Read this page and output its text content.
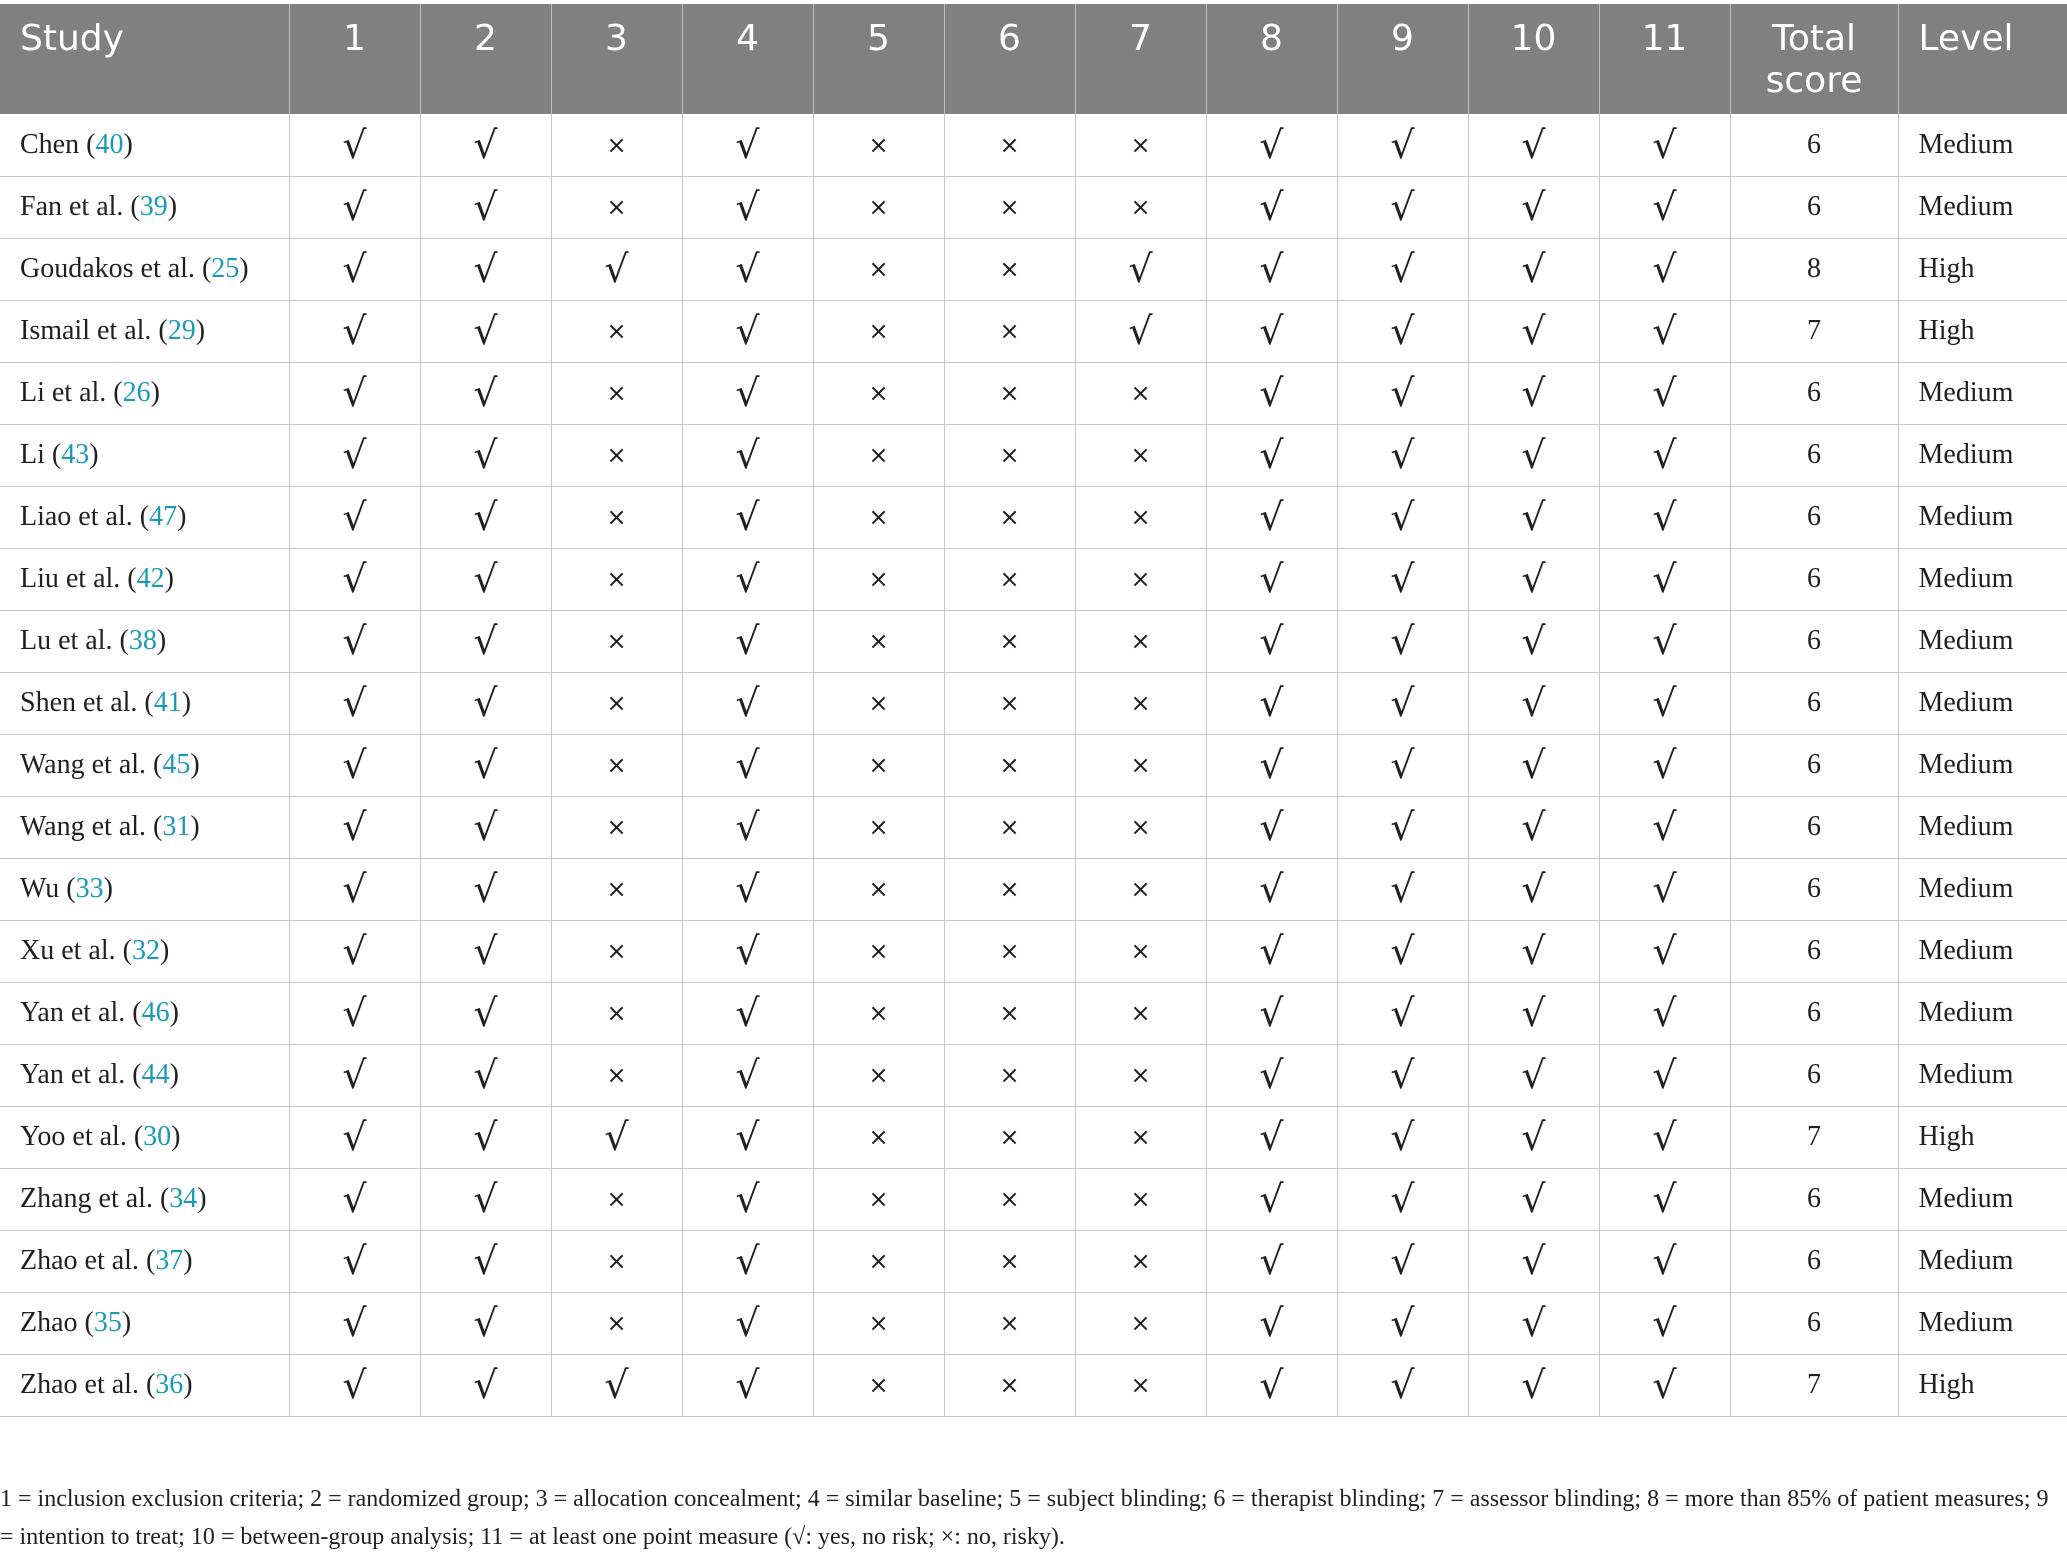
Study	1	2	3	4	5	6	7	8	9	10	11	Total score	Level
Chen (40)	√	√	×	√	×	×	×	√	√	√	√	6	Medium
Fan et al. (39)	√	√	×	√	×	×	×	√	√	√	√	6	Medium
Goudakos et al. (25)	√	√	√	√	×	×	√	√	√	√	√	8	High
Ismail et al. (29)	√	√	×	√	×	×	√	√	√	√	√	7	High
Li et al. (26)	√	√	×	√	×	×	×	√	√	√	√	6	Medium
Li (43)	√	√	×	√	×	×	×	√	√	√	√	6	Medium
Liao et al. (47)	√	√	×	√	×	×	×	√	√	√	√	6	Medium
Liu et al. (42)	√	√	×	√	×	×	×	√	√	√	√	6	Medium
Lu et al. (38)	√	√	×	√	×	×	×	√	√	√	√	6	Medium
Shen et al. (41)	√	√	×	√	×	×	×	√	√	√	√	6	Medium
Wang et al. (45)	√	√	×	√	×	×	×	√	√	√	√	6	Medium
Wang et al. (31)	√	√	×	√	×	×	×	√	√	√	√	6	Medium
Wu (33)	√	√	×	√	×	×	×	√	√	√	√	6	Medium
Xu et al. (32)	√	√	×	√	×	×	×	√	√	√	√	6	Medium
Yan et al. (46)	√	√	×	√	×	×	×	√	√	√	√	6	Medium
Yan et al. (44)	√	√	×	√	×	×	×	√	√	√	√	6	Medium
Yoo et al. (30)	√	√	√	√	×	×	×	√	√	√	√	7	High
Zhang et al. (34)	√	√	×	√	×	×	×	√	√	√	√	6	Medium
Zhao et al. (37)	√	√	×	√	×	×	×	√	√	√	√	6	Medium
Zhao (35)	√	√	×	√	×	×	×	√	√	√	√	6	Medium
Zhao et al. (36)	√	√	√	√	×	×	×	√	√	√	√	7	High
1 = inclusion exclusion criteria; 2 = randomized group; 3 = allocation concealment; 4 = similar baseline; 5 = subject blinding; 6 = therapist blinding; 7 = assessor blinding; 8 = more than 85% of patient measures; 9 = intention to treat; 10 = between-group analysis; 11 = at least one point measure (√: yes, no risk; ×: no, risky).
